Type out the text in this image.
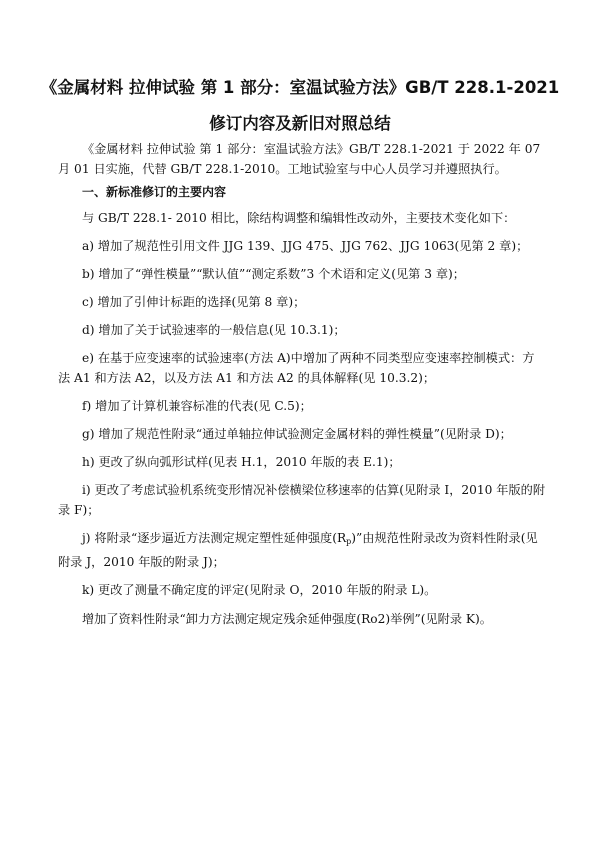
《金属材料 拉伸试验 第 1 部分：室温试验方法》GB/T 228.1-2021
修订内容及新旧对照总结

《金属材料 拉伸试验 第 1 部分：室温试验方法》GB/T 228.1-2021 于 2022 年 07 月 01 日实施，代替 GB/T 228.1-2010。工地试验室与中心人员学习并遵照执行。

一、新标准修订的主要内容

与 GB/T 228.1- 2010 相比，除结构调整和编辑性改动外，主要技术变化如下：

a) 增加了规范性引用文件 JJG 139、JJG 475、JJG 762、JJG 1063(见第 2 章)；

b) 增加了“弹性模量”“默认值”“测定系数”3 个术语和定义(见第 3 章)；

c) 增加了引伸计标距的选择(见第 8 章)；

d) 增加了关于试验速率的一般信息(见 10.3.1)；

e) 在基于应变速率的试验速率(方法 A)中增加了两种不同类型应变速率控制模式：方法 A1 和方法 A2，以及方法 A1 和方法 A2 的具体解释(见 10.3.2)；

f) 增加了计算机兼容标准的代表(见 C.5)；

g) 增加了规范性附录“通过单轴拉伸试验测定金属材料的弹性模量”(见附录 D)；

h) 更改了纵向弧形试样(见表 H.1，2010 年版的表 E.1)；

i) 更改了考虑试验机系统变形情况补偿横梁位移速率的估算(见附录 I，2010 年版的附录 F)；

j) 将附录“逐步逼近方法测定规定塑性延伸强度$(R_p)$”由规范性附录改为资料性附录(见附录 J，2010 年版的附录 J)；

k) 更改了测量不确定度的评定(见附录 O，2010 年版的附录 L)。

增加了资料性附录“卸力方法测定规定残余延伸强度(Ro2)举例”(见附录 K)。
